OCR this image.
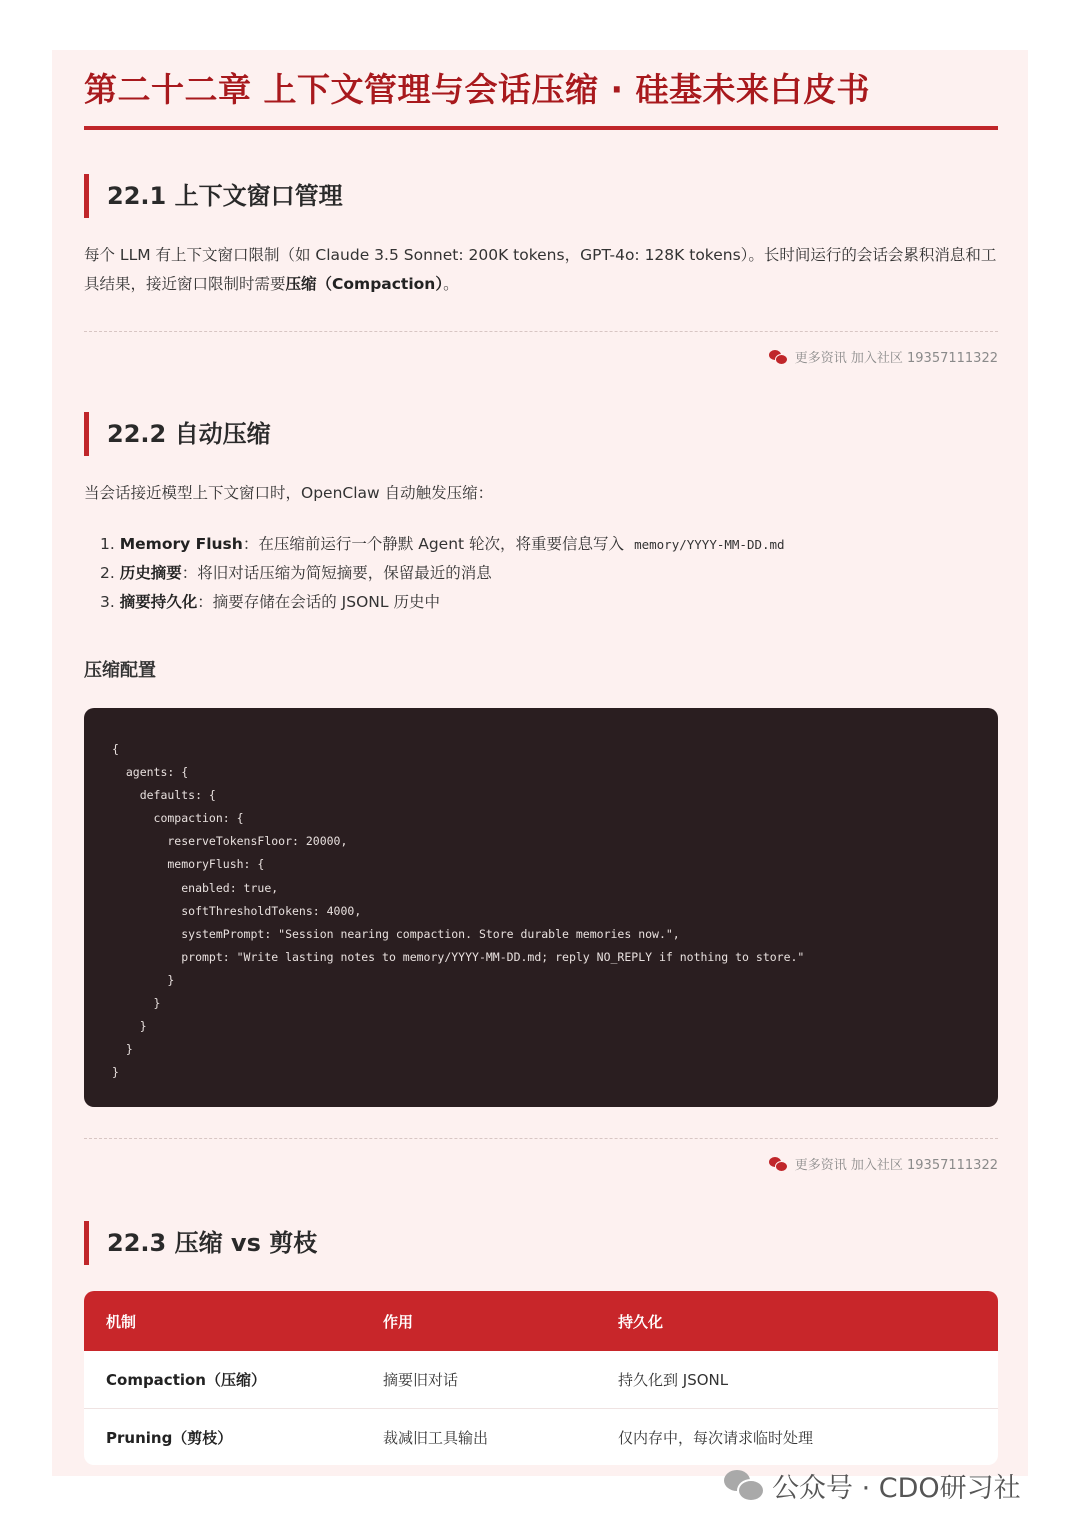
第二十二章 上下文管理与会话压缩 · 硅基未来白皮书
22.1 上下文窗口管理
每个 LLM 有上下文窗口限制（如 Claude 3.5 Sonnet: 200K tokens，GPT-4o: 128K tokens）。长时间运行的会话会累积消息和工
具结果，接近窗口限制时需要压缩（Compaction）。
更多资讯 加入社区 19357111322
22.2 自动压缩
当会话接近模型上下文窗口时，OpenClaw 自动触发压缩：
1. Memory Flush：在压缩前运行一个静默 Agent 轮次，将重要信息写入 memory/YYYY-MM-DD.md
2. 历史摘要：将旧对话压缩为简短摘要，保留最近的消息
3. 摘要持久化：摘要存储在会话的 JSONL 历史中
压缩配置
{
agents: {
defaults: {
compaction: {
reserveTokensFloor: 20000,
memoryFlush: {
enabled: true,
softThresholdTokens: 4000,
systemPrompt: "Session nearing compaction. Store durable memories now.",
prompt: "Write lasting notes to memory/YYYY-MM-DD.md; reply NO_REPLY if nothing to store."
}
}
}
}
}
更多资讯 加入社区 19357111322
22.3 压缩 vs 剪枝
机制	作用	持久化
Compaction（压缩）	摘要旧对话	持久化到 JSONL
Pruning（剪枝）	裁减旧工具输出	仅内存中，每次请求临时处理
公众号 · CDO研习社
